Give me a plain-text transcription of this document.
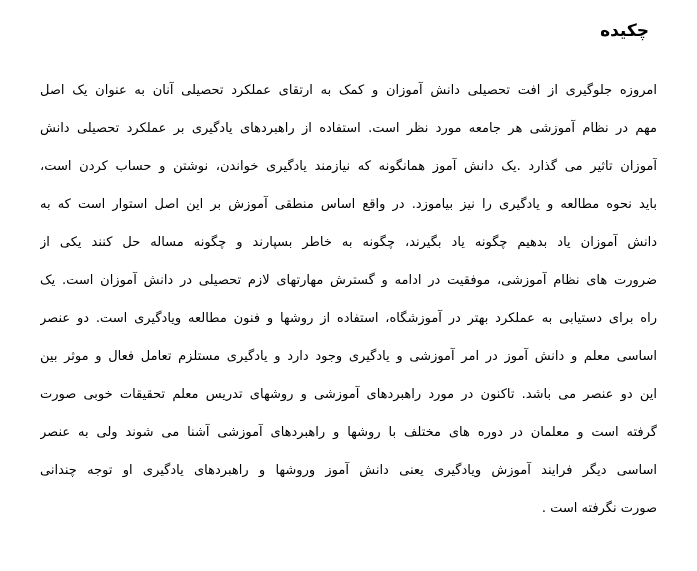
چکیده
امروزه جلوگیری از افت تحصیلی دانش آموزان و کمک به ارتقای عملکرد تحصیلی آنان به عنوان یک اصل
مهم در نظام آموزشی هر جامعه مورد نظر است. استفاده از راهبردهای یادگیری بر عملکرد تحصیلی دانش
آموزان تاثیر می گذارد .یک دانش آموز همانگونه که نیازمند یادگیری خواندن، نوشتن و حساب کردن است،
باید نحوه مطالعه و یادگیری را نیز بیاموزد. در واقع اساس منطقی آموزش بر این اصل استوار است که به
دانش آموزان یاد بدهیم چگونه یاد بگیرند، چگونه به خاطر بسپارند و چگونه مساله حل کنند یکی از
ضرورت های نظام آموزشی، موفقیت در ادامه و گسترش مهارتهای لازم تحصیلی در دانش آموزان است. یک
راه برای دستیابی به عملکرد بهتر در آموزشگاه، استفاده از روشها و فنون مطالعه ویادگیری است. دو عنصر
اساسی معلم و دانش آموز در امر آموزشی و یادگیری وجود دارد و یادگیری مستلزم تعامل فعال و موثر بین
این دو عنصر می باشد. تاکنون در مورد راهبردهای آموزشی و روشهای تدریس معلم تحقیقات خوبی صورت
گرفته است و معلمان در دوره های مختلف با روشها و راهبردهای آموزشی آشنا می شوند ولی به عنصر
اساسی دیگر فرایند آموزش ویادگیری یعنی دانش آموز وروشها و راهبردهای یادگیری او توجه چندانی
صورت نگرفته است .
